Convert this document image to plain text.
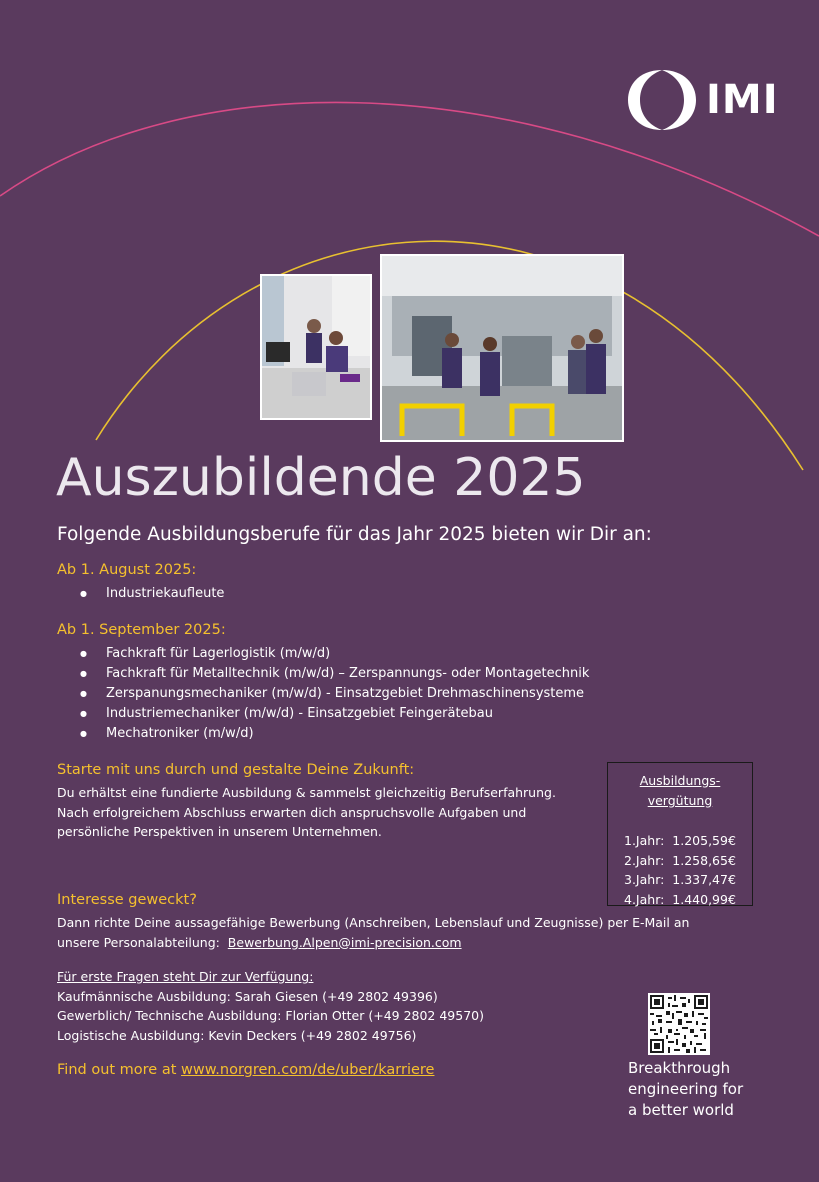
IMI
Auszubildende 2025
Folgende Ausbildungsberufe für das Jahr 2025 bieten wir Dir an:
Ab 1. August 2025:
● Industriekaufleute
Ab 1. September 2025:
● Fachkraft für Lagerlogistik (m/w/d)
● Fachkraft für Metalltechnik (m/w/d) – Zerspannungs- oder Montagetechnik
● Zerspanungsmechaniker (m/w/d) - Einsatzgebiet Drehmaschinensysteme
● Industriemechaniker (m/w/d) - Einsatzgebiet Feingerätebau
● Mechatroniker (m/w/d)
Starte mit uns durch und gestalte Deine Zukunft:
Du erhältst eine fundierte Ausbildung & sammelst gleichzeitig Berufserfahrung.
Nach erfolgreichem Abschluss erwarten dich anspruchsvolle Aufgaben und
persönliche Perspektiven in unserem Unternehmen.
Ausbildungs-
vergütung
1.Jahr: 1.205,59€
2.Jahr: 1.258,65€
3.Jahr: 1.337,47€
4.Jahr: 1.440,99€
Interesse geweckt?
Dann richte Deine aussagefähige Bewerbung (Anschreiben, Lebenslauf und Zeugnisse) per E-Mail an
unsere Personalabteilung: Bewerbung.Alpen@imi-precision.com
Für erste Fragen steht Dir zur Verfügung:
Kaufmännische Ausbildung: Sarah Giesen (+49 2802 49396)
Gewerblich/ Technische Ausbildung: Florian Otter (+49 2802 49570)
Logistische Ausbildung: Kevin Deckers (+49 2802 49756)
Find out more at www.norgren.com/de/uber/karriere	Breakthrough
engineering for
a better world
